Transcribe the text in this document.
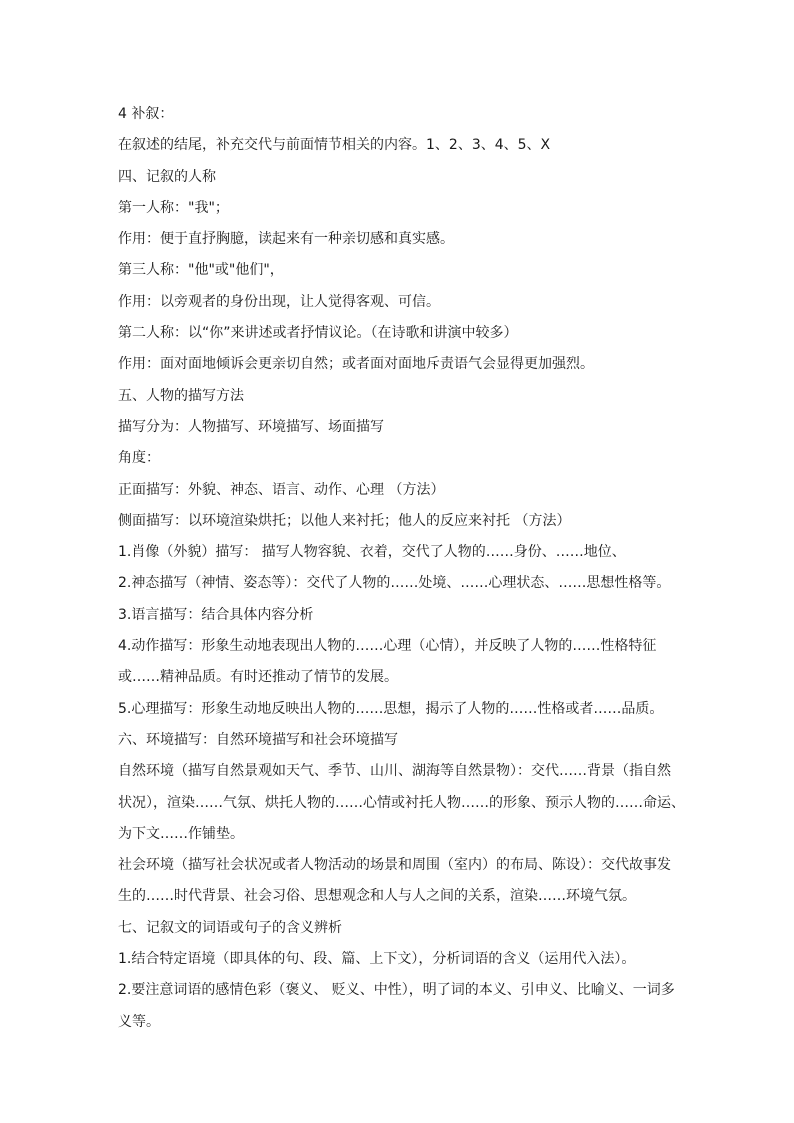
4 补叙：

在叙述的结尾，补充交代与前面情节相关的内容。1、2、3、4、5、X

四、记叙的人称

第一人称："我"；

作用：便于直抒胸臆，读起来有一种亲切感和真实感。

第三人称："他"或"他们"，

作用：以旁观者的身份出现，让人觉得客观、可信。

第二人称：以“你”来讲述或者抒情议论。（在诗歌和讲演中较多）

作用：面对面地倾诉会更亲切自然；或者面对面地斥责语气会显得更加强烈。

五、人物的描写方法

描写分为：人物描写、环境描写、场面描写

角度：

正面描写：外貌、神态、语言、动作、心理 （方法）

侧面描写：以环境渲染烘托；以他人来衬托；他人的反应来衬托 （方法）

1.肖像（外貌）描写： 描写人物容貌、衣着，交代了人物的……身份、……地位、

2.神态描写（神情、姿态等）：交代了人物的……处境、……心理状态、……思想性格等。

3.语言描写：结合具体内容分析

4.动作描写：形象生动地表现出人物的……心理（心情），并反映了人物的……性格特征

或……精神品质。有时还推动了情节的发展。

5.心理描写：形象生动地反映出人物的……思想，揭示了人物的……性格或者……品质。

六、环境描写：自然环境描写和社会环境描写

自然环境（描写自然景观如天气、季节、山川、湖海等自然景物）：交代……背景（指自然

状况），渲染……气氛、烘托人物的……心情或衬托人物……的形象、预示人物的……命运、

为下文……作铺垫。

社会环境（描写社会状况或者人物活动的场景和周围（室内）的布局、陈设）：交代故事发

生的……时代背景、社会习俗、思想观念和人与人之间的关系，渲染……环境气氛。

七、记叙文的词语或句子的含义辨析

1.结合特定语境（即具体的句、段、篇、上下文），分析词语的含义（运用代入法）。

2.要注意词语的感情色彩（褒义、 贬义、中性），明了词的本义、引申义、比喻义、一词多

义等。
